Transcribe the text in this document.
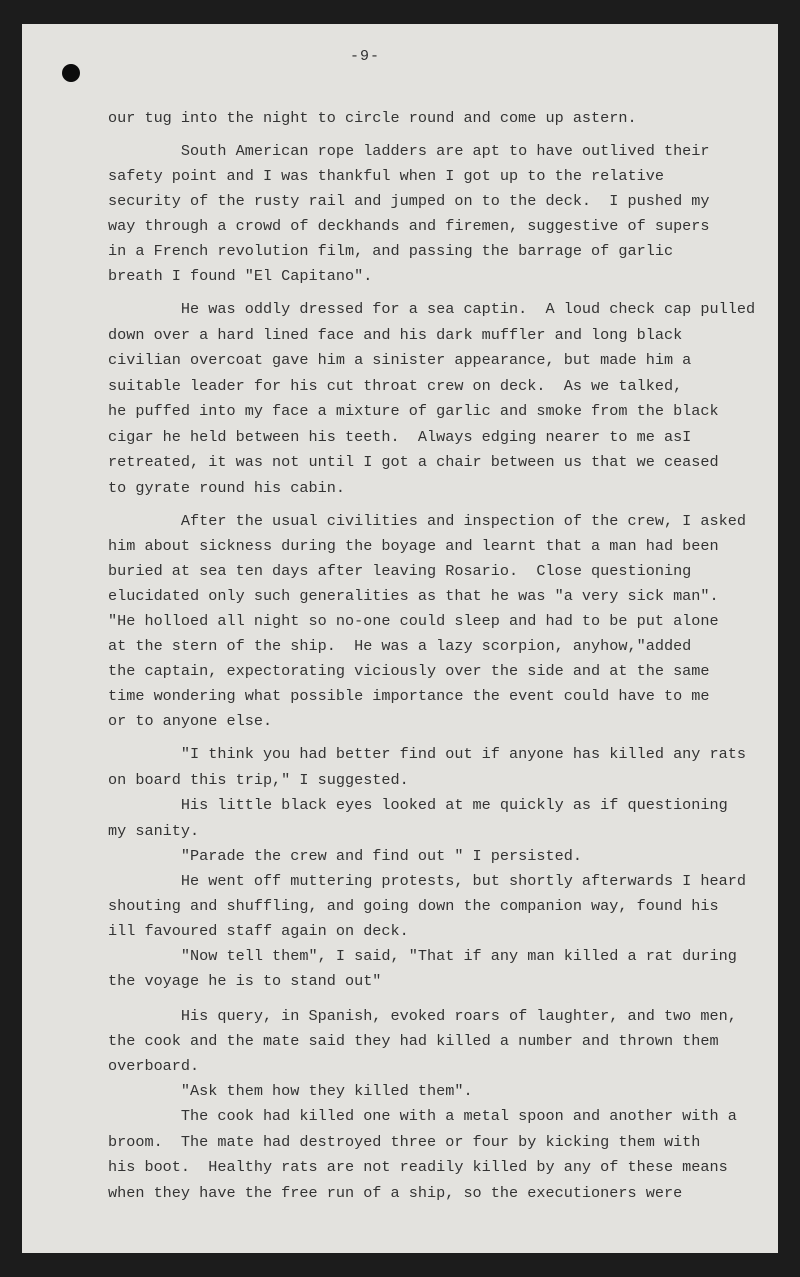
-9-
our tug into the night to circle round and come up astern.
South American rope ladders are apt to have outlived their
safety point and I was thankful when I got up to the relative
security of the rusty rail and jumped on to the deck.  I pushed my
way through a crowd of deckhands and firemen, suggestive of supers
in a French revolution film, and passing the barrage of garlic
breath I found "El Capitano".
He was oddly dressed for a sea captin.  A loud check cap pulled
down over a hard lined face and his dark muffler and long black
civilian overcoat gave him a sinister appearance, but made him a
suitable leader for his cut throat crew on deck.  As we talked,
he puffed into my face a mixture of garlic and smoke from the black
cigar he held between his teeth.  Always edging nearer to me asI
retreated, it was not until I got a chair between us that we ceased
to gyrate round his cabin.
After the usual civilities and inspection of the crew, I asked
him about sickness during the boyage and learnt that a man had been
buried at sea ten days after leaving Rosario.  Close questioning
elucidated only such generalities as that he was "a very sick man".
"He holloed all night so no-one could sleep and had to be put alone
at the stern of the ship.  He was a lazy scorpion, anyhow,"added
the captain, expectorating viciously over the side and at the same
time wondering what possible importance the event could have to me
or to anyone else.
"I think you had better find out if anyone has killed any rats
on board this trip," I suggested.
His little black eyes looked at me quickly as if questioning
my sanity.
"Parade the crew and find out " I persisted.
He went off muttering protests, but shortly afterwards I heard
shouting and shuffling, and going down the companion way, found his
ill favoured staff again on deck.
"Now tell them", I said, "That if any man killed a rat during
the voyage he is to stand out"
His query, in Spanish, evoked roars of laughter, and two men,
the cook and the mate said they had killed a number and thrown them
overboard.
"Ask them how they killed them".
The cook had killed one with a metal spoon and another with a
broom.  The mate had destroyed three or four by kicking them with
his boot.  Healthy rats are not readily killed by any of these means
when they have the free run of a ship, so the executioners were
